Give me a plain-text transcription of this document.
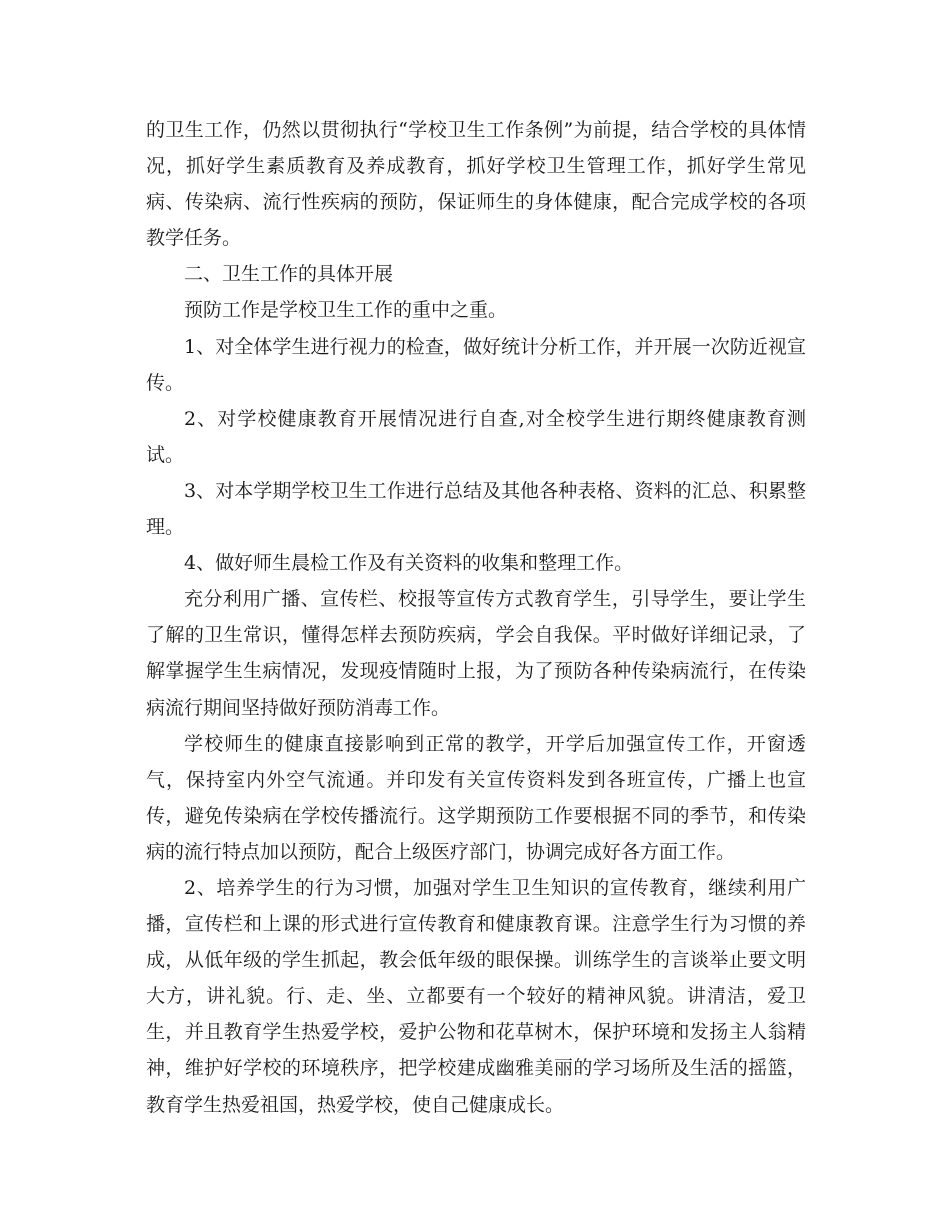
的卫生工作，仍然以贯彻执行“学校卫生工作条例”为前提，结合学校的具体情况，抓好学生素质教育及养成教育，抓好学校卫生管理工作，抓好学生常见病、传染病、流行性疾病的预防，保证师生的身体健康，配合完成学校的各项教学任务。

二、卫生工作的具体开展

预防工作是学校卫生工作的重中之重。

1、对全体学生进行视力的检查，做好统计分析工作，并开展一次防近视宣传。

2、对学校健康教育开展情况进行自查,对全校学生进行期终健康教育测试。

3、对本学期学校卫生工作进行总结及其他各种表格、资料的汇总、积累整理。

4、做好师生晨检工作及有关资料的收集和整理工作。

充分利用广播、宣传栏、校报等宣传方式教育学生，引导学生，要让学生了解的卫生常识，懂得怎样去预防疾病，学会自我保。平时做好详细记录，了解掌握学生生病情况，发现疫情随时上报，为了预防各种传染病流行，在传染病流行期间坚持做好预防消毒工作。

学校师生的健康直接影响到正常的教学，开学后加强宣传工作，开窗透气，保持室内外空气流通。并印发有关宣传资料发到各班宣传，广播上也宣传，避免传染病在学校传播流行。这学期预防工作要根据不同的季节，和传染病的流行特点加以预防，配合上级医疗部门，协调完成好各方面工作。

2、培养学生的行为习惯，加强对学生卫生知识的宣传教育，继续利用广播，宣传栏和上课的形式进行宣传教育和健康教育课。注意学生行为习惯的养成，从低年级的学生抓起，教会低年级的眼保操。训练学生的言谈举止要文明大方，讲礼貌。行、走、坐、立都要有一个较好的精神风貌。讲清洁，爱卫生，并且教育学生热爱学校，爱护公物和花草树木，保护环境和发扬主人翁精神，维护好学校的环境秩序，把学校建成幽雅美丽的学习场所及生活的摇篮，教育学生热爱祖国，热爱学校，使自己健康成长。
